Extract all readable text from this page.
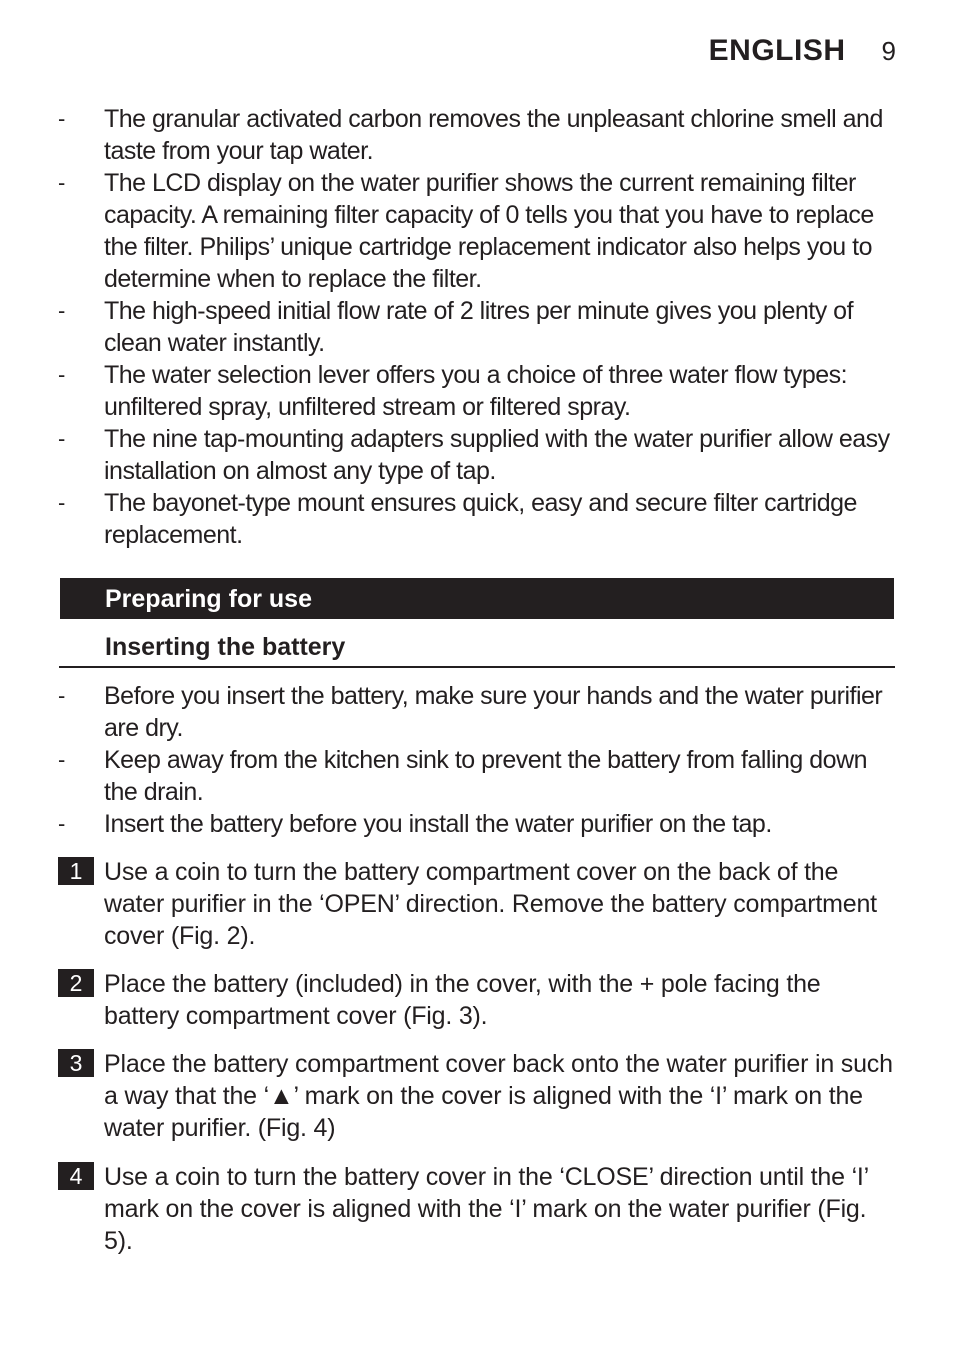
ENGLISH 9
-	The granular activated carbon removes the unpleasant chlorine smell and taste from your tap water.
-	The LCD display on the water purifier shows the current remaining filter capacity. A remaining filter capacity of 0 tells you that you have to replace the filter. Philips’ unique cartridge replacement indicator also helps you to determine when to replace the filter.
-	The high-speed initial flow rate of 2 litres per minute gives you plenty of clean water instantly.
-	The water selection lever offers you a choice of three water flow types: unfiltered spray, unfiltered stream or filtered spray.
-	The nine tap-mounting adapters supplied with the water purifier allow easy installation on almost any type of tap.
-	The bayonet-type mount ensures quick, easy and secure filter cartridge replacement.
Preparing for use
Inserting the battery
-	Before you insert the battery, make sure your hands and the water purifier are dry.
-	Keep away from the kitchen sink to prevent the battery from falling down the drain.
-	Insert the battery before you install the water purifier on the tap.
1 Use a coin to turn the battery compartment cover on the back of the water purifier in the ‘OPEN’ direction. Remove the battery compartment cover (Fig. 2).
2 Place the battery (included) in the cover, with the + pole facing the battery compartment cover (Fig. 3).
3 Place the battery compartment cover back onto the water purifier in such a way that the ‘▲’ mark on the cover is aligned with the ‘I’ mark on the water purifier. (Fig. 4)
4 Use a coin to turn the battery cover in the ‘CLOSE’ direction until the ‘I’ mark on the cover is aligned with the ‘I’ mark on the water purifier (Fig. 5).
